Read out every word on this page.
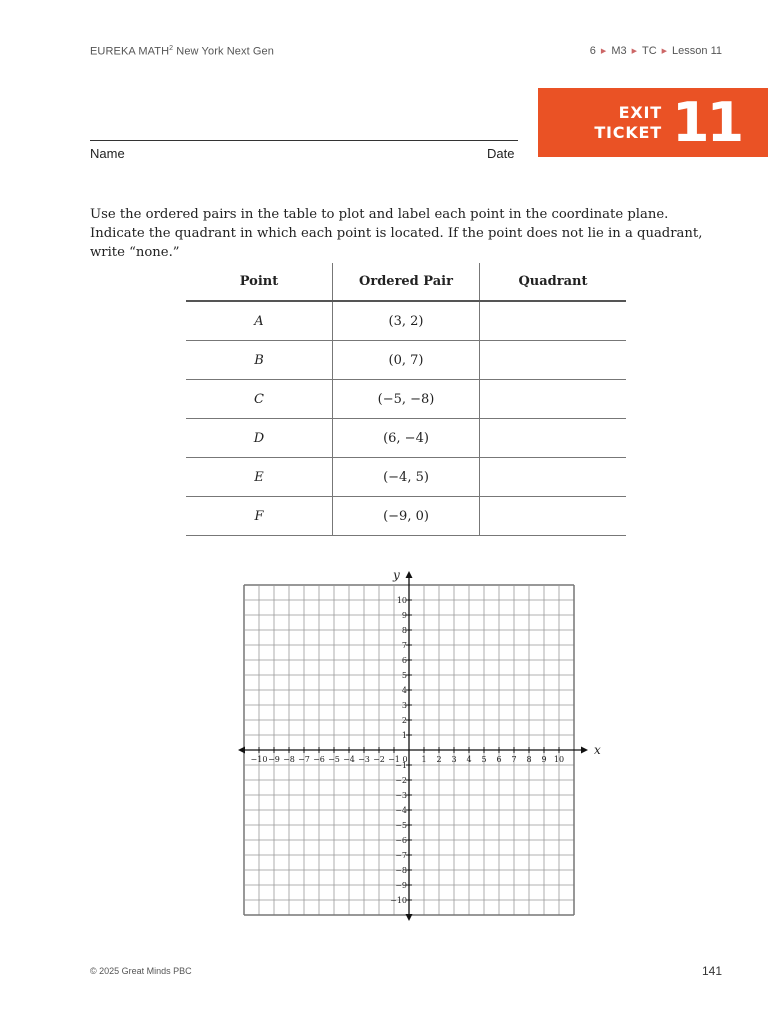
EUREKA MATH$^2$ New York Next Gen	6 ▶ M3 ▶ TC ▶ Lesson 11
EXIT
TICKET 11
Name	Date
Use the ordered pairs in the table to plot and label each point in the coordinate plane. Indicate the quadrant in which each point is located. If the point does not lie in a quadrant, write “none.”
Point	Ordered Pair	Quadrant
A	(3, 2)	
B	(0, 7)	
C	(−5, −8)	
D	(6, −4)	
E	(−4, 5)	
F	(−9, 0)	
−10 −9 −8 −7 −6 −5 −4 −3 −2 −1 0 1 2 3 4 5 6 7 8 9 10
−10
−9
−8
−7
−6
−5
−4
−3
−2
−1
1
2
3
4
5
6
7
8
9
10
x
y
© 2025 Great Minds PBC	141
